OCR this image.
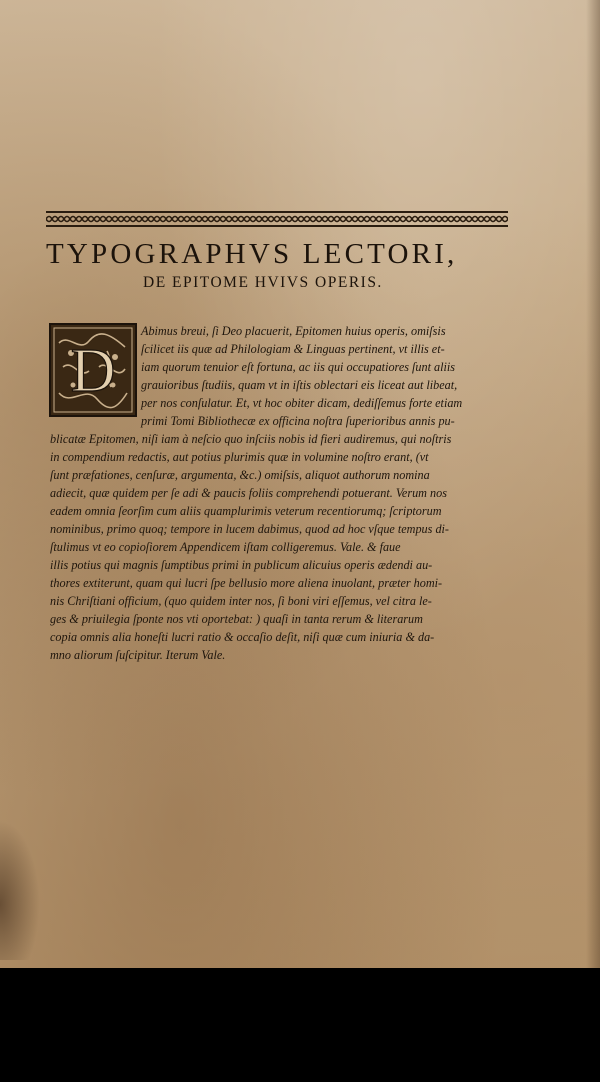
TYPOGRAPHVS LECTORI,
DE EPITOME HVIVS OPERIS.
D
Abimus breui, ſi Deo placuerit, Epitomen huius operis, omiſsis
ſcilicet iis quæ ad Philologiam & Linguas pertinent, vt illis et-
iam quorum tenuior eſt fortuna, ac iis qui occupatiores ſunt aliis
grauioribus ſtudiis, quam vt in iſtis oblectari eis liceat aut libeat,
per nos conſulatur. Et, vt hoc obiter dicam, dediſſemus forte etiam
primi Tomi Bibliothecæ ex officina noſtra ſuperioribus annis pu-
blicatæ Epitomen, niſi iam à neſcio quo inſciis nobis id fieri audiremus, qui noſtris
in compendium redactis, aut potius plurimis quæ in volumine noſtro erant, (vt
ſunt præfationes, cenſuræ, argumenta, &c.) omiſsis, aliquot authorum nomina
adiecit, quæ quidem per ſe adi & paucis foliis comprehendi potuerant. Verum nos
eadem omnia ſeorſim cum aliis quamplurimis veterum recentiorumq; ſcriptorum
nominibus, primo quoq; tempore in lucem dabimus, quod ad hoc vſque tempus di-
ſtulimus vt eo copioſiorem Appendicem iſtam colligeremus. Vale. & faue
illis potius qui magnis ſumptibus primi in publicum alicuius operis ædendi au-
thores extiterunt, quam qui lucri ſpe bellusio more aliena inuolant, præter homi-
nis Chriſtiani officium, (quo quidem inter nos, ſi boni viri eſſemus, vel citra le-
ges & priuilegia ſponte nos vti oportebat: ) quaſi in tanta rerum & literarum
copia omnis alia honeſti lucri ratio & occaſio deſit, niſi quæ cum iniuria & da-
mno aliorum ſuſcipitur. Iterum Vale.
